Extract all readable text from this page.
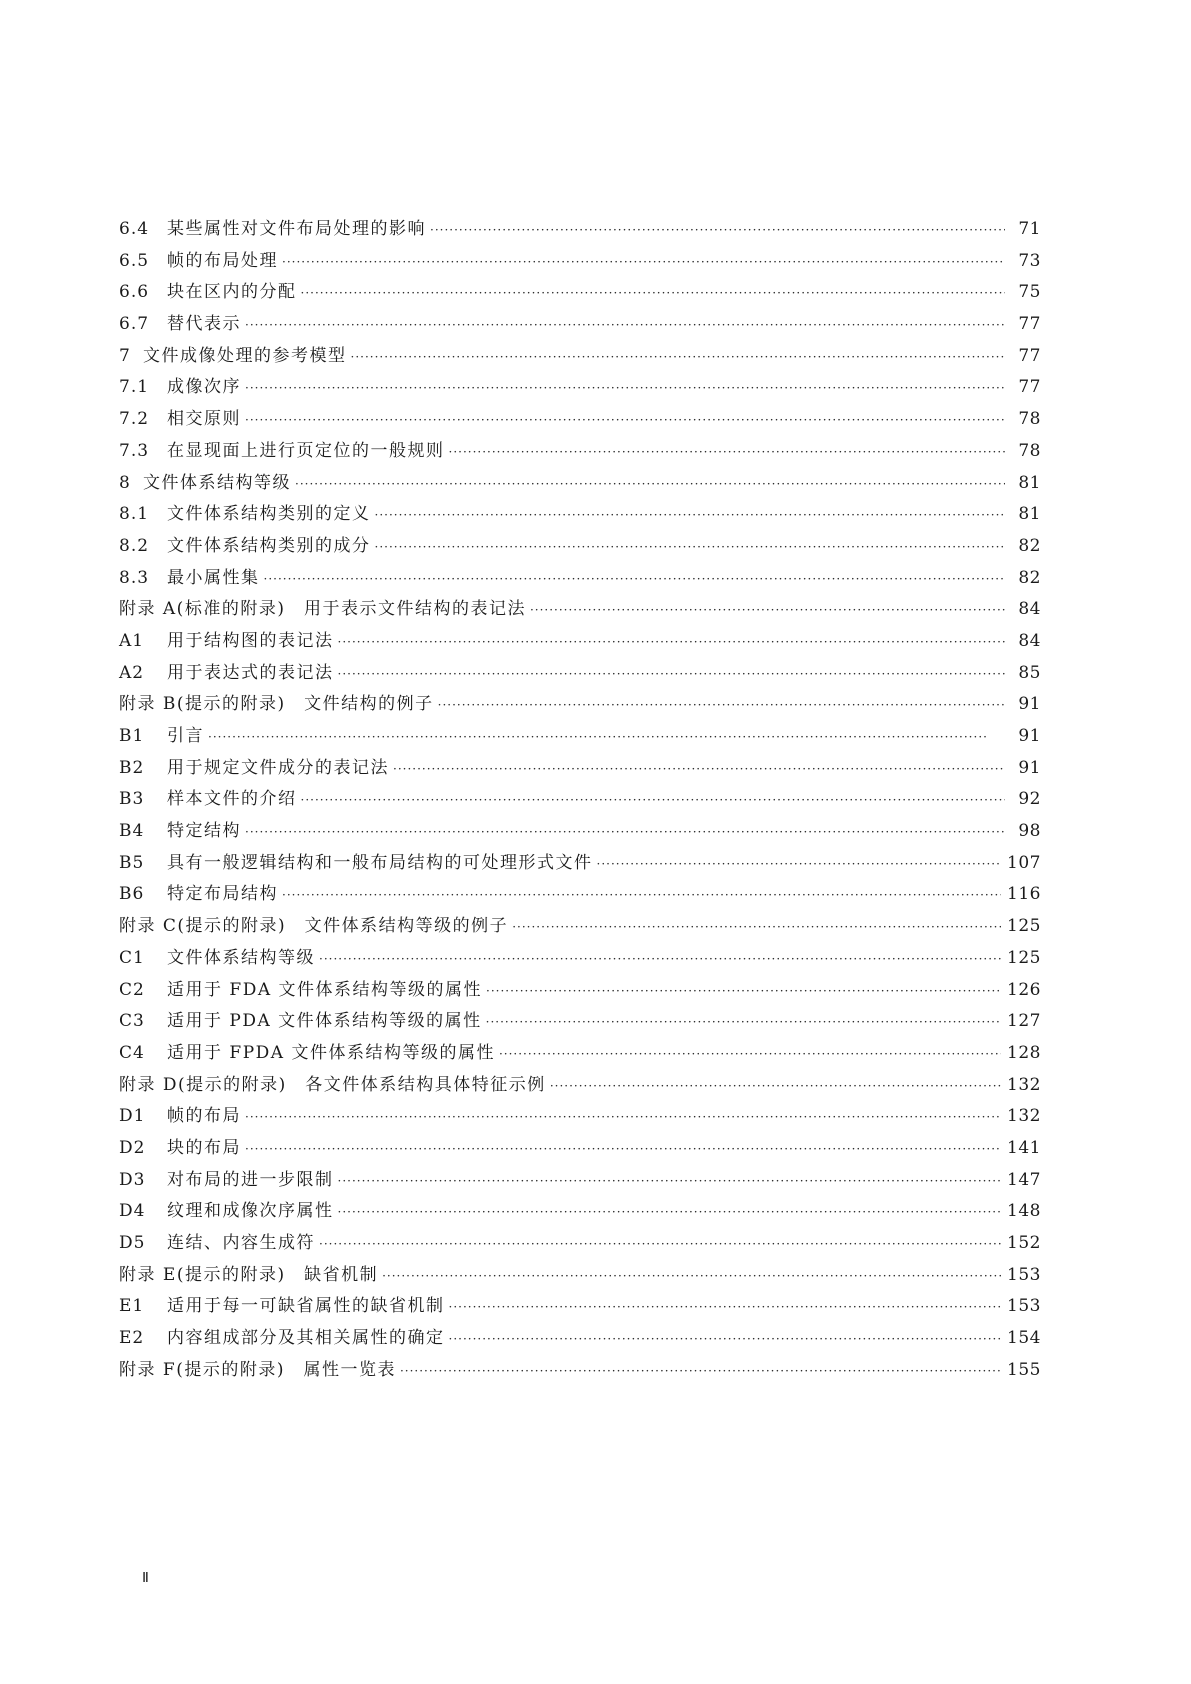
6.4	某些属性对文件布局处理的影响 ·····	71
6.5	帧的布局处理 ·····	73
6.6	块在区内的分配 ·····	75
6.7	替代表示 ·····	77
7 文件成像处理的参考模型 ·····	77
7.1	成像次序 ·····	77
7.2	相交原则 ·····	78
7.3	在显现面上进行页定位的一般规则 ·····	78
8 文件体系结构等级 ·····	81
8.1	文件体系结构类别的定义 ·····	81
8.2	文件体系结构类别的成分 ·····	82
8.3	最小属性集 ·····	82
附录 A(标准的附录)　用于表示文件结构的表记法 ·····	84
A1	用于结构图的表记法 ·····	84
A2	用于表达式的表记法 ·····	85
附录 B(提示的附录)　文件结构的例子 ·····	91
B1	引言 ·····	91
B2	用于规定文件成分的表记法 ·····	91
B3	样本文件的介绍 ·····	92
B4	特定结构 ·····	98
B5	具有一般逻辑结构和一般布局结构的可处理形式文件 ·····	107
B6	特定布局结构 ·····	116
附录 C(提示的附录)　文件体系结构等级的例子 ·····	125
C1	文件体系结构等级 ·····	125
C2	适用于 FDA 文件体系结构等级的属性 ·····	126
C3	适用于 PDA 文件体系结构等级的属性 ·····	127
C4	适用于 FPDA 文件体系结构等级的属性 ·····	128
附录 D(提示的附录)　各文件体系结构具体特征示例 ·····	132
D1	帧的布局 ·····	132
D2	块的布局 ·····	141
D3	对布局的进一步限制 ·····	147
D4	纹理和成像次序属性 ·····	148
D5	连结、内容生成符 ·····	152
附录 E(提示的附录)　缺省机制 ·····	153
E1	适用于每一可缺省属性的缺省机制 ·····	153
E2	内容组成部分及其相关属性的确定 ·····	154
附录 F(提示的附录)　属性一览表 ·····	155
Ⅱ
